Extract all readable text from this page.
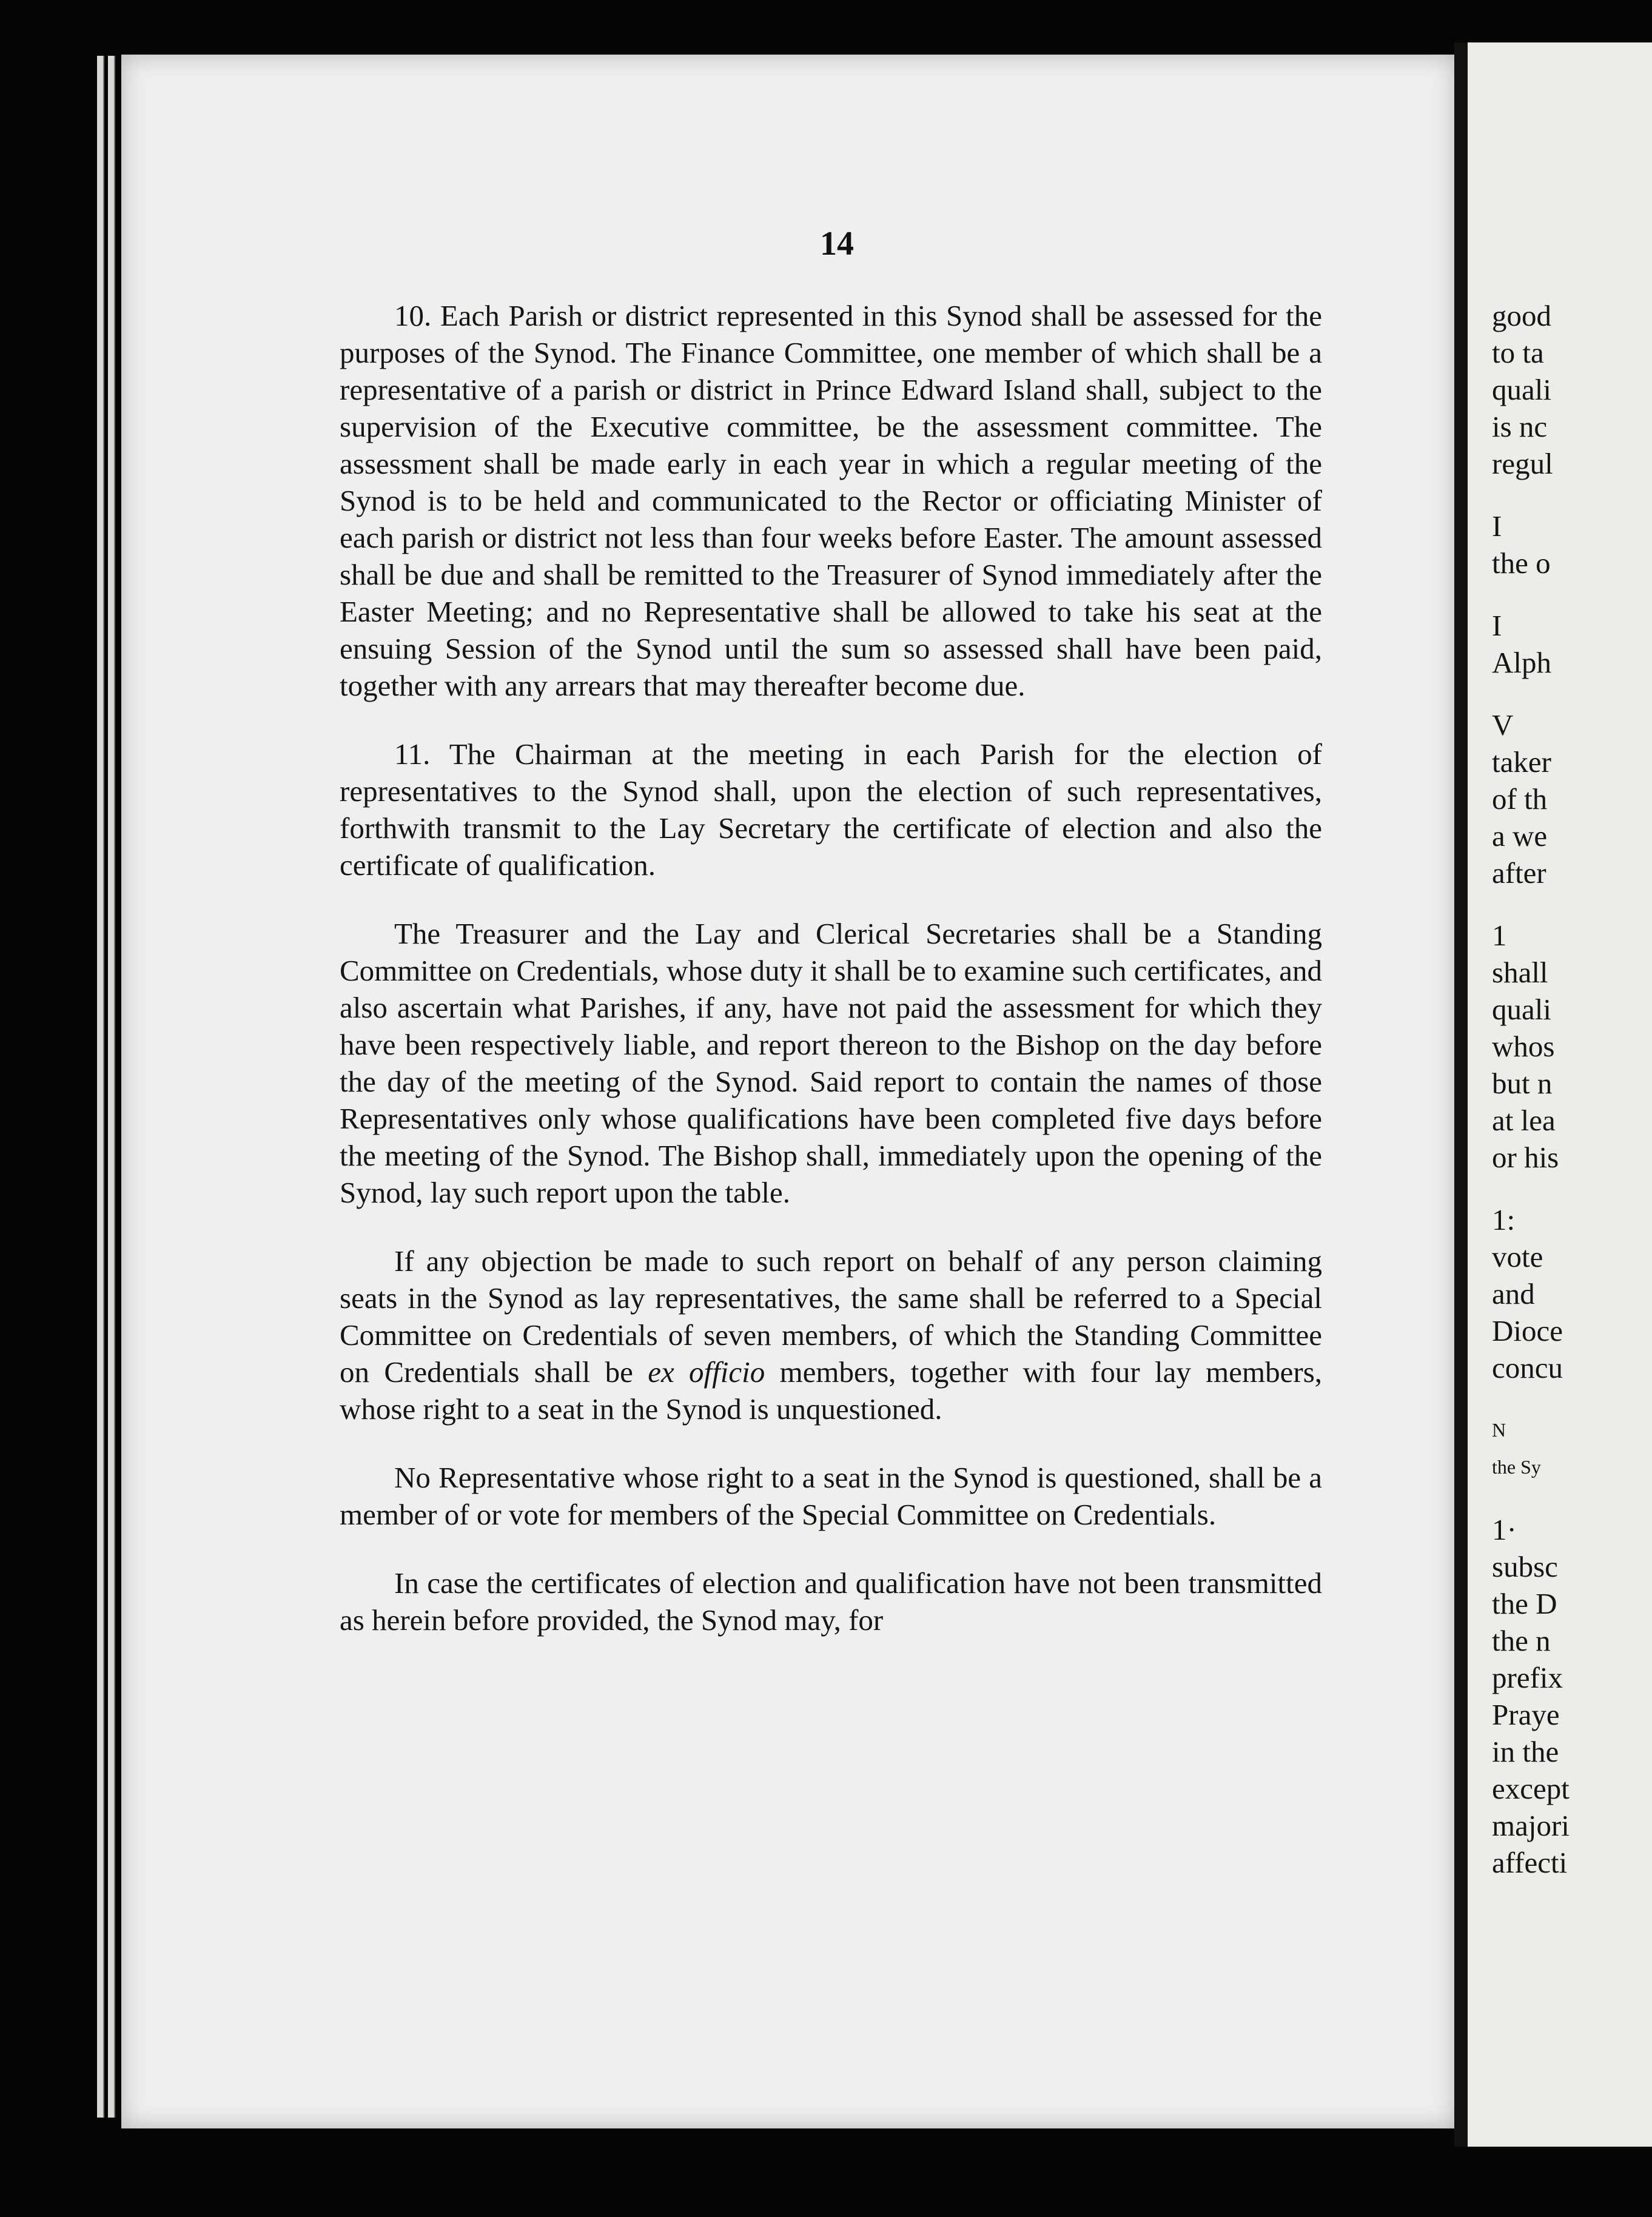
14

10. Each Parish or district represented in this Synod shall be assessed for the purposes of the Synod. The Finance Committee, one member of which shall be a representative of a parish or district in Prince Edward Island shall, subject to the supervision of the Executive committee, be the assessment committee. The assessment shall be made early in each year in which a regular meeting of the Synod is to be held and communicated to the Rector or officiating Minister of each parish or district not less than four weeks before Easter. The amount assessed shall be due and shall be remitted to the Treasurer of Synod immediately after the Easter Meeting; and no Representative shall be allowed to take his seat at the ensuing Session of the Synod until the sum so assessed shall have been paid, together with any arrears that may thereafter become due.

11. The Chairman at the meeting in each Parish for the election of representatives to the Synod shall, upon the election of such representatives, forthwith transmit to the Lay Secretary the certificate of election and also the certificate of qualification.

The Treasurer and the Lay and Clerical Secretaries shall be a Standing Committee on Credentials, whose duty it shall be to examine such certificates, and also ascertain what Parishes, if any, have not paid the assessment for which they have been respectively liable, and report thereon to the Bishop on the day before the day of the meeting of the Synod. Said report to contain the names of those Representatives only whose qualifications have been completed five days before the meeting of the Synod. The Bishop shall, immediately upon the opening of the Synod, lay such report upon the table.

If any objection be made to such report on behalf of any person claiming seats in the Synod as lay representatives, the same shall be referred to a Special Committee on Credentials of seven members, of which the Standing Committee on Credentials shall be ex officio members, together with four lay members, whose right to a seat in the Synod is unquestioned.

No Representative whose right to a seat in the Synod is questioned, shall be a member of or vote for members of the Special Committee on Credentials.

In case the certificates of election and qualification have not been transmitted as herein before provided, the Synod may, for

good
to ta
quali
is nc
regul
I
the o
I
Alph
V
taker
of th
a we
after
1
shall
quali
whos
but n
at lea
or his
1:
vote
and
Dioce
concu
N
the Sy
1·
subsc
the D
the n
prefix
Praye
in the
except
majori
affecti
